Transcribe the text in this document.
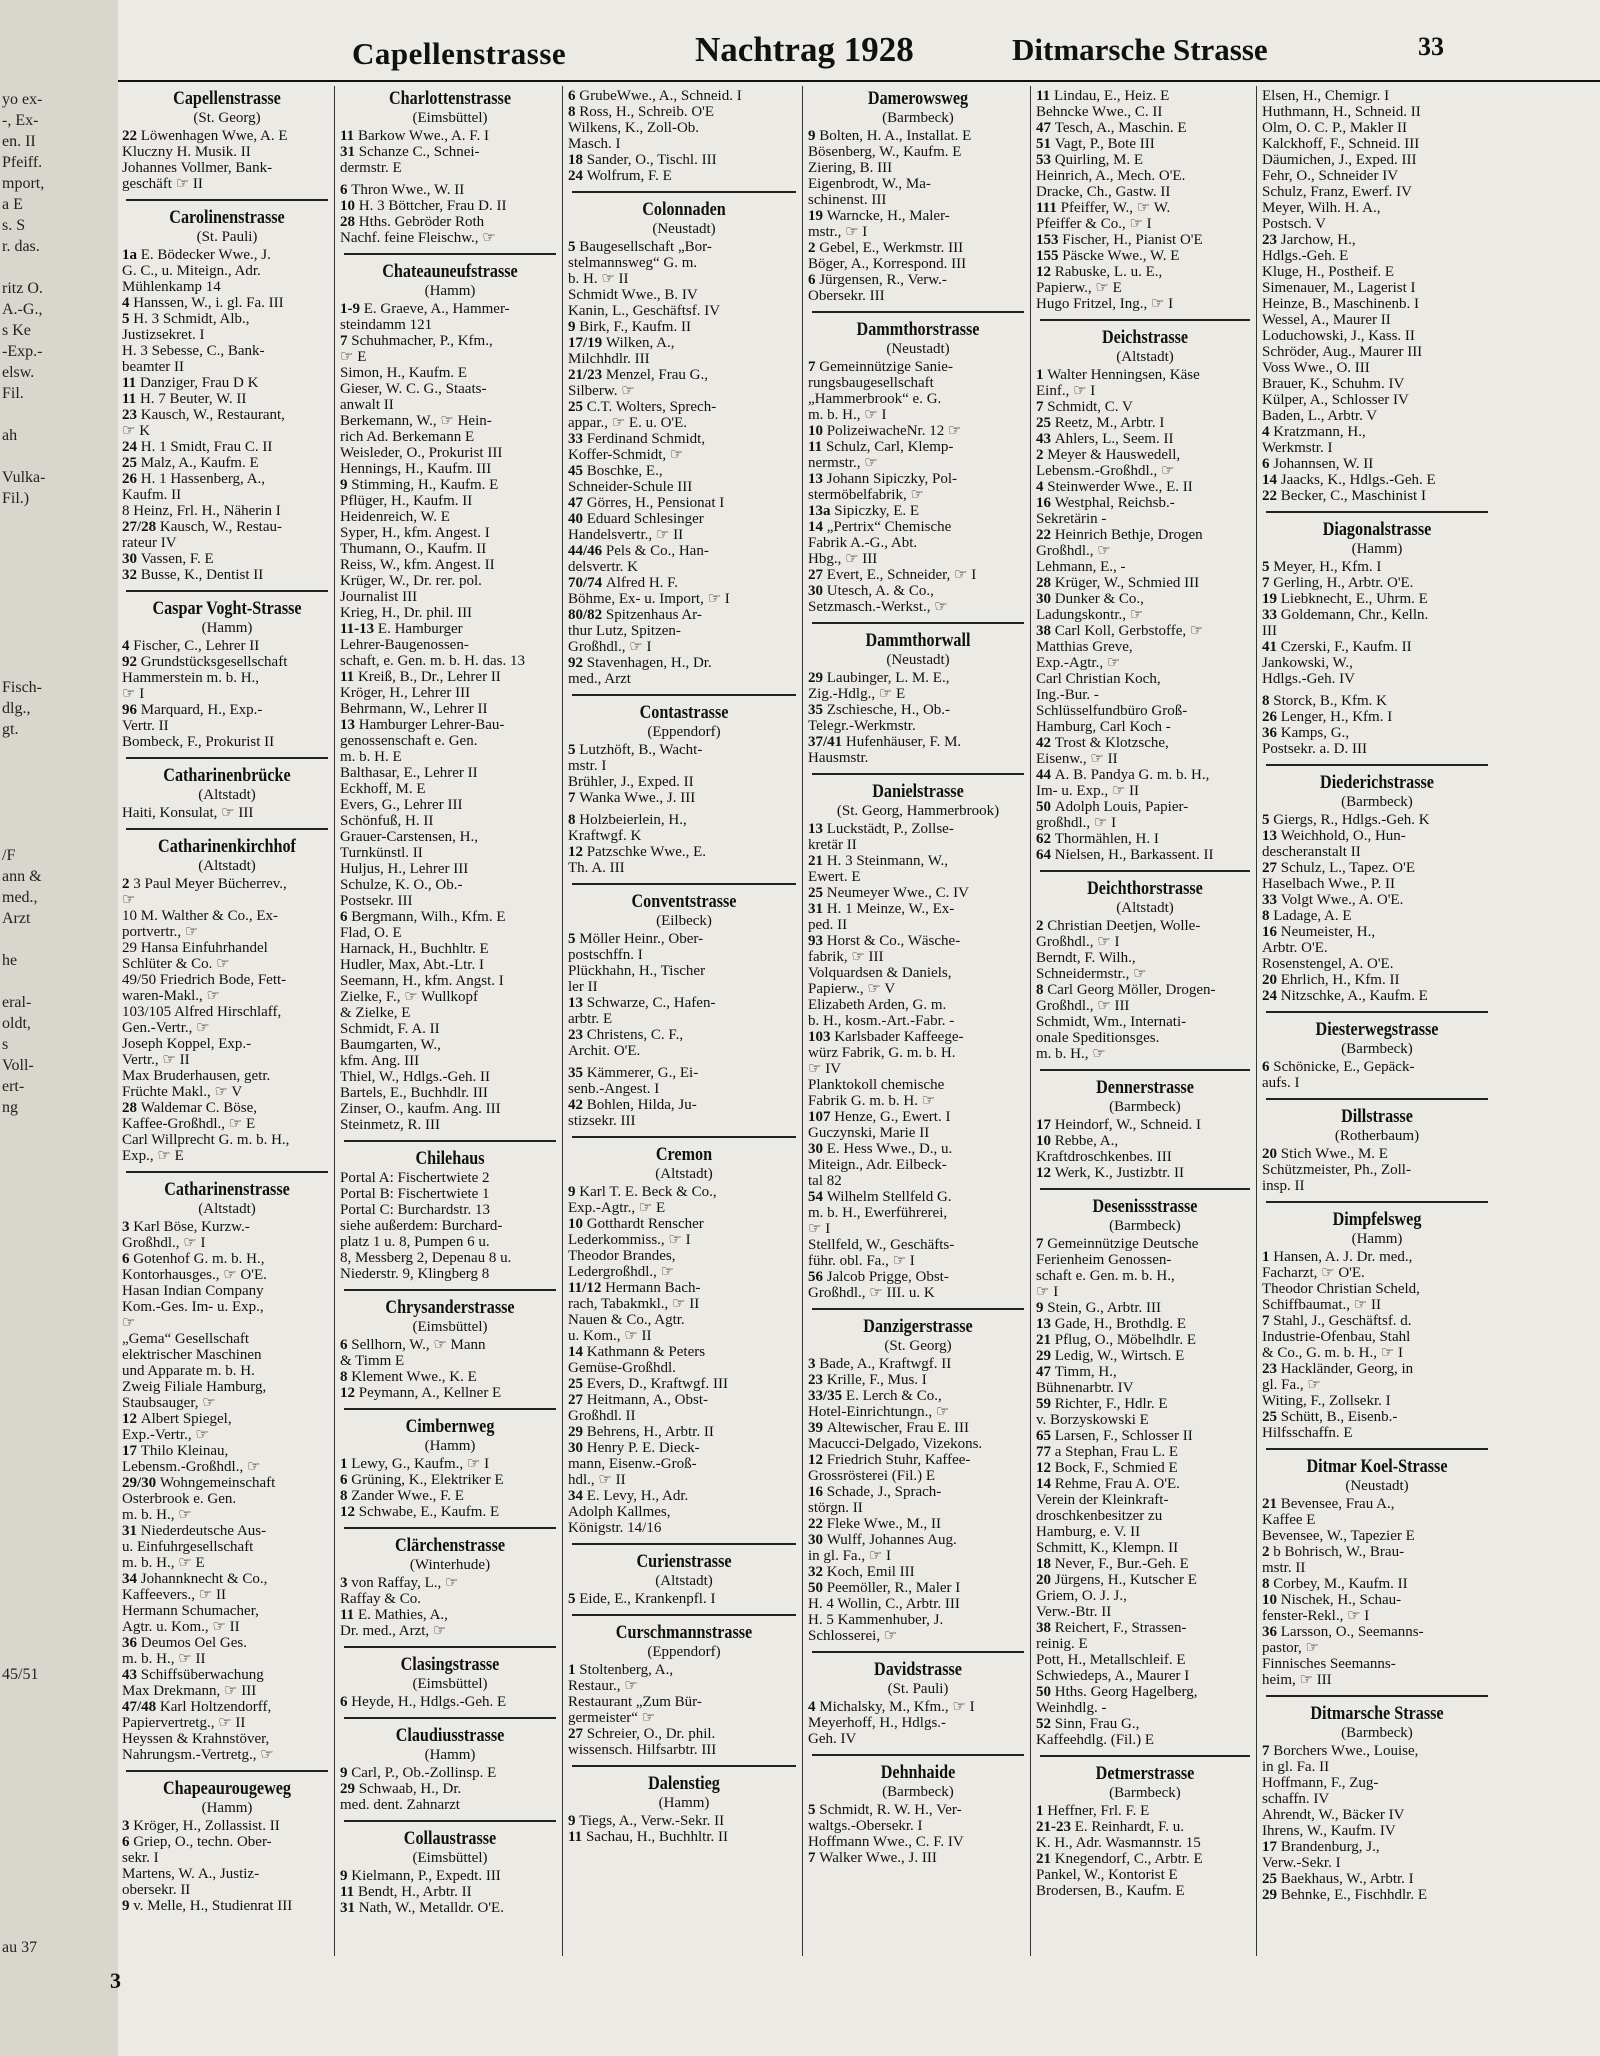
yo ex-
-, Ex-
en. II
Pfeiff.
mport,
a E
s. S
r. das.
ritz O.
A.-G.,
s Ke
-Exp.-
elsw.
Fil.
ah
Vulka-
Fil.)
Fisch-
dlg.,
gt.
/F
ann &
med.,
Arzt
he
eral-
oldt,
s
Voll-
ert-
ng
45/51
au 37
Capellenstrasse	Nachtrag 1928	Ditmarsche Strasse	33
Capellenstrasse
(St. Georg)
22 Löwenhagen Wwe, A. E
Kluczny H. Musik. II
Johannes Vollmer, Bank-
geschäft ☞ II
Carolinenstrasse
(St. Pauli)
1a E. Bödecker Wwe., J.
G. C., u. Miteign., Adr.
Mühlenkamp 14
4 Hanssen, W., i. gl. Fa. III
5 H. 3 Schmidt, Alb.,
Justizsekret. I
H. 3 Sebesse, C., Bank-
beamter II
11 Danziger, Frau D K
11 H. 7 Beuter, W. II
23 Kausch, W., Restaurant,
☞ K
24 H. 1 Smidt, Frau C. II
25 Malz, A., Kaufm. E
26 H. 1 Hassenberg, A.,
Kaufm. II
8 Heinz, Frl. H., Näherin I
27/28 Kausch, W., Restau-
rateur IV
30 Vassen, F. E
32 Busse, K., Dentist II
Caspar Voght-Strasse
(Hamm)
4 Fischer, C., Lehrer II
92 Grundstücksgesellschaft
Hammerstein m. b. H.,
☞ I
96 Marquard, H., Exp.-
Vertr. II
Bombeck, F., Prokurist II
Catharinenbrücke
(Altstadt)
Haiti, Konsulat, ☞ III
Catharinenkirchhof
(Altstadt)
2 3 Paul Meyer Bücherrev.,
☞
10 M. Walther & Co., Ex-
portvertr., ☞
29 Hansa Einfuhrhandel
Schlüter & Co. ☞
49/50 Friedrich Bode, Fett-
waren-Makl., ☞
103/105 Alfred Hirschlaff,
Gen.-Vertr., ☞
Joseph Koppel, Exp.-
Vertr., ☞ II
Max Bruderhausen, getr.
Früchte Makl., ☞ V
28 Waldemar C. Böse,
Kaffee-Großhdl., ☞ E
Carl Willprecht G. m. b. H.,
Exp., ☞ E
Catharinenstrasse
(Altstadt)
3 Karl Böse, Kurzw.-
Großhdl., ☞ I
6 Gotenhof G. m. b. H.,
Kontorhausges., ☞ O'E.
Hasan Indian Company
Kom.-Ges. Im- u. Exp.,
☞
„Gema“ Gesellschaft
elektrischer Maschinen
und Apparate m. b. H.
Zweig Filiale Hamburg,
Staubsauger, ☞
12 Albert Spiegel,
Exp.-Vertr., ☞
17 Thilo Kleinau,
Lebensm.-Großhdl., ☞
29/30 Wohngemeinschaft
Osterbrook e. Gen.
m. b. H., ☞
31 Niederdeutsche Aus-
u. Einfuhrgesellschaft
m. b. H., ☞ E
34 Johannknecht & Co.,
Kaffeevers., ☞ II
Hermann Schumacher,
Agtr. u. Kom., ☞ II
36 Deumos Oel Ges.
m. b. H., ☞ II
43 Schiffsüberwachung
Max Drekmann, ☞ III
47/48 Karl Holtzendorff,
Papiervertretg., ☞ II
Heyssen & Krahnstöver,
Nahrungsm.-Vertretg., ☞
Chapeaurougeweg
(Hamm)
3 Kröger, H., Zollassist. II
6 Griep, O., techn. Ober-
sekr. I
Martens, W. A., Justiz-
obersekr. II
9 v. Melle, H., Studienrat III
Charlottenstrasse
(Eimsbüttel)
11 Barkow Wwe., A. F. I
31 Schanze C., Schnei-
dermstr. E
6 Thron Wwe., W. II
10 H. 3 Böttcher, Frau D. II
28 Hths. Gebröder Roth
Nachf. feine Fleischw., ☞
Chateauneufstrasse
(Hamm)
1-9 E. Graeve, A., Hammer-
steindamm 121
7 Schuhmacher, P., Kfm.,
☞ E
Simon, H., Kaufm. E
Gieser, W. C. G., Staats-
anwalt II
Berkemann, W., ☞ Hein-
rich Ad. Berkemann E
Weisleder, O., Prokurist III
Hennings, H., Kaufm. III
9 Stimming, H., Kaufm. E
Pflüger, H., Kaufm. II
Heidenreich, W. E
Syper, H., kfm. Angest. I
Thumann, O., Kaufm. II
Reiss, W., kfm. Angest. II
Krüger, W., Dr. rer. pol.
Journalist III
Krieg, H., Dr. phil. III
11-13 E. Hamburger
Lehrer-Baugenossen-
schaft, e. Gen. m. b. H. das. 13
11 Kreiß, B., Dr., Lehrer II
Kröger, H., Lehrer III
Behrmann, W., Lehrer II
13 Hamburger Lehrer-Bau-
genossenschaft e. Gen.
m. b. H. E
Balthasar, E., Lehrer II
Eckhoff, M. E
Evers, G., Lehrer III
Schönfuß, H. II
Grauer-Carstensen, H.,
Turnkünstl. II
Huljus, H., Lehrer III
Schulze, K. O., Ob.-
Postsekr. III
6 Bergmann, Wilh., Kfm. E
Flad, O. E
Harnack, H., Buchhltr. E
Hudler, Max, Abt.-Ltr. I
Seemann, H., kfm. Angst. I
Zielke, F., ☞ Wullkopf
& Zielke, E
Schmidt, F. A. II
Baumgarten, W.,
kfm. Ang. III
Thiel, W., Hdlgs.-Geh. II
Bartels, E., Buchhdlr. III
Zinser, O., kaufm. Ang. III
Steinmetz, R. III
Chilehaus
Portal A: Fischertwiete 2
Portal B: Fischertwiete 1
Portal C: Burchardstr. 13
siehe außerdem: Burchard-
platz 1 u. 8, Pumpen 6 u.
8, Messberg 2, Depenau 8 u.
Niederstr. 9, Klingberg 8
Chrysanderstrasse
(Eimsbüttel)
6 Sellhorn, W., ☞ Mann
& Timm E
8 Klement Wwe., K. E
12 Peymann, A., Kellner E
Cimbernweg
(Hamm)
1 Lewy, G., Kaufm., ☞ I
6 Grüning, K., Elektriker E
8 Zander Wwe., F. E
12 Schwabe, E., Kaufm. E
Clärchenstrasse
(Winterhude)
3 von Raffay, L., ☞
Raffay & Co.
11 E. Mathies, A.,
Dr. med., Arzt, ☞
Clasingstrasse
(Eimsbüttel)
6 Heyde, H., Hdlgs.-Geh. E
Claudiusstrasse
(Hamm)
9 Carl, P., Ob.-Zollinsp. E
29 Schwaab, H., Dr.
med. dent. Zahnarzt
Collaustrasse
(Eimsbüttel)
9 Kielmann, P., Expedt. III
11 Bendt, H., Arbtr. II
31 Nath, W., Metalldr. O'E.
6 GrubeWwe., A., Schneid. I
8 Ross, H., Schreib. O'E
Wilkens, K., Zoll-Ob.
Masch. I
18 Sander, O., Tischl. III
24 Wolfrum, F. E
Colonnaden
(Neustadt)
5 Baugesellschaft „Bor-
stelmannsweg“ G. m.
b. H. ☞ II
Schmidt Wwe., B. IV
Kanin, L., Geschäftsf. IV
9 Birk, F., Kaufm. II
17/19 Wilken, A.,
Milchhdlr. III
21/23 Menzel, Frau G.,
Silberw. ☞
25 C.T. Wolters, Sprech-
appar., ☞ E. u. O'E.
33 Ferdinand Schmidt,
Koffer-Schmidt, ☞
45 Boschke, E.,
Schneider-Schule III
47 Görres, H., Pensionat I
40 Eduard Schlesinger
Handelsvertr., ☞ II
44/46 Pels & Co., Han-
delsvertr. K
70/74 Alfred H. F.
Böhme, Ex- u. Import, ☞ I
80/82 Spitzenhaus Ar-
thur Lutz, Spitzen-
Großhdl., ☞ I
92 Stavenhagen, H., Dr.
med., Arzt
Contastrasse
(Eppendorf)
5 Lutzhöft, B., Wacht-
mstr. I
Brühler, J., Exped. II
7 Wanka Wwe., J. III
8 Holzbeierlein, H.,
Kraftwgf. K
12 Patzschke Wwe., E.
Th. A. III
Conventstrasse
(Eilbeck)
5 Möller Heinr., Ober-
postschffn. I
Plückhahn, H., Tischer
ler II
13 Schwarze, C., Hafen-
arbtr. E
23 Christens, C. F.,
Archit. O'E.
35 Kämmerer, G., Ei-
senb.-Angest. I
42 Bohlen, Hilda, Ju-
stizsekr. III
Cremon
(Altstadt)
9 Karl T. E. Beck & Co.,
Exp.-Agtr., ☞ E
10 Gotthardt Renscher
Lederkommiss., ☞ I
Theodor Brandes,
Ledergroßhdl., ☞
11/12 Hermann Bach-
rach, Tabakmkl., ☞ II
Nauen & Co., Agtr.
u. Kom., ☞ II
14 Kathmann & Peters
Gemüse-Großhdl.
25 Evers, D., Kraftwgf. III
27 Heitmann, A., Obst-
Großhdl. II
29 Behrens, H., Arbtr. II
30 Henry P. E. Dieck-
mann, Eisenw.-Groß-
hdl., ☞ II
34 E. Levy, H., Adr.
Adolph Kallmes,
Königstr. 14/16
Curienstrasse
(Altstadt)
5 Eide, E., Krankenpfl. I
Curschmannstrasse
(Eppendorf)
1 Stoltenberg, A.,
Restaur., ☞
Restaurant „Zum Bür-
germeister“ ☞
27 Schreier, O., Dr. phil.
wissensch. Hilfsarbtr. III
Dalenstieg
(Hamm)
9 Tiegs, A., Verw.-Sekr. II
11 Sachau, H., Buchhltr. II
Damerowsweg
(Barmbeck)
9 Bolten, H. A., Installat. E
Bösenberg, W., Kaufm. E
Ziering, B. III
Eigenbrodt, W., Ma-
schinenst. III
19 Warncke, H., Maler-
mstr., ☞ I
2 Gebel, E., Werkmstr. III
Böger, A., Korrespond. III
6 Jürgensen, R., Verw.-
Obersekr. III
Dammthorstrasse
(Neustadt)
7 Gemeinnützige Sanie-
rungsbaugesellschaft
„Hammerbrook“ e. G.
m. b. H., ☞ I
10 PolizeiwacheNr. 12 ☞
11 Schulz, Carl, Klemp-
nermstr., ☞
13 Johann Sipiczky, Pol-
stermöbelfabrik, ☞
13a Sipiczky, E. E
14 „Pertrix“ Chemische
Fabrik A.-G., Abt.
Hbg., ☞ III
27 Evert, E., Schneider, ☞ I
30 Utesch, A. & Co.,
Setzmasch.-Werkst., ☞
Dammthorwall
(Neustadt)
29 Laubinger, L. M. E.,
Zig.-Hdlg., ☞ E
35 Zschiesche, H., Ob.-
Telegr.-Werkmstr.
37/41 Hufenhäuser, F. M.
Hausmstr.
Danielstrasse
(St. Georg, Hammerbrook)
13 Luckstädt, P., Zollse-
kretär II
21 H. 3 Steinmann, W.,
Ewert. E
25 Neumeyer Wwe., C. IV
31 H. 1 Meinze, W., Ex-
ped. II
93 Horst & Co., Wäsche-
fabrik, ☞ III
Volquardsen & Daniels,
Papierw., ☞ V
Elizabeth Arden, G. m.
b. H., kosm.-Art.-Fabr. -
103 Karlsbader Kaffeege-
würz Fabrik, G. m. b. H.
☞ IV
Planktokoll chemische
Fabrik G. m. b. H. ☞
107 Henze, G., Ewert. I
Guczynski, Marie II
30 E. Hess Wwe., D., u.
Miteign., Adr. Eilbeck-
tal 82
54 Wilhelm Stellfeld G.
m. b. H., Ewerführerei,
☞ I
Stellfeld, W., Geschäfts-
führ. obl. Fa., ☞ I
56 Jalcob Prigge, Obst-
Großhdl., ☞ III. u. K
Danzigerstrasse
(St. Georg)
3 Bade, A., Kraftwgf. II
23 Krille, F., Mus. I
33/35 E. Lerch & Co.,
Hotel-Einrichtungn., ☞
39 Altewischer, Frau E. III
Macucci-Delgado, Vizekons.
12 Friedrich Stuhr, Kaffee-
Grossrösterei (Fil.) E
16 Schade, J., Sprach-
störgn. II
22 Fleke Wwe., M., II
30 Wulff, Johannes Aug.
in gl. Fa., ☞ I
32 Koch, Emil III
50 Peemöller, R., Maler I
H. 4 Wollin, C., Arbtr. III
H. 5 Kammenhuber, J.
Schlosserei, ☞
Davidstrasse
(St. Pauli)
4 Michalsky, M., Kfm., ☞ I
Meyerhoff, H., Hdlgs.-
Geh. IV
Dehnhaide
(Barmbeck)
5 Schmidt, R. W. H., Ver-
waltgs.-Obersekr. I
Hoffmann Wwe., C. F. IV
7 Walker Wwe., J. III
11 Lindau, E., Heiz. E
Behncke Wwe., C. II
47 Tesch, A., Maschin. E
51 Vagt, P., Bote III
53 Quirling, M. E
Heinrich, A., Mech. O'E.
Dracke, Ch., Gastw. II
111 Pfeiffer, W., ☞ W.
Pfeiffer & Co., ☞ I
153 Fischer, H., Pianist O'E
155 Päscke Wwe., W. E
12 Rabuske, L. u. E.,
Papierw., ☞ E
Hugo Fritzel, Ing., ☞ I
Deichstrasse
(Altstadt)
1 Walter Henningsen, Käse
Einf., ☞ I
7 Schmidt, C. V
25 Reetz, M., Arbtr. I
43 Ahlers, L., Seem. II
2 Meyer & Hauswedell,
Lebensm.-Großhdl., ☞
4 Steinwerder Wwe., E. II
16 Westphal, Reichsb.-
Sekretärin -
22 Heinrich Bethje, Drogen
Großhdl., ☞
Lehmann, E., -
28 Krüger, W., Schmied III
30 Dunker & Co.,
Ladungskontr., ☞
38 Carl Koll, Gerbstoffe, ☞
Matthias Greve,
Exp.-Agtr., ☞
Carl Christian Koch,
Ing.-Bur. -
Schlüsselfundbüro Groß-
Hamburg, Carl Koch -
42 Trost & Klotzsche,
Eisenw., ☞ II
44 A. B. Pandya G. m. b. H.,
Im- u. Exp., ☞ II
50 Adolph Louis, Papier-
großhdl., ☞ I
62 Thormählen, H. I
64 Nielsen, H., Barkassent. II
Deichthorstrasse
(Altstadt)
2 Christian Deetjen, Wolle-
Großhdl., ☞ I
Berndt, F. Wilh.,
Schneidermstr., ☞
8 Carl Georg Möller, Drogen-
Großhdl., ☞ III
Schmidt, Wm., Internati-
onale Speditionsges.
m. b. H., ☞
Dennerstrasse
(Barmbeck)
17 Heindorf, W., Schneid. I
10 Rebbe, A.,
Kraftdroschkenbes. III
12 Werk, K., Justizbtr. II
Desenissstrasse
(Barmbeck)
7 Gemeinnützige Deutsche
Ferienheim Genossen-
schaft e. Gen. m. b. H.,
☞ I
9 Stein, G., Arbtr. III
13 Gade, H., Brothdlg. E
21 Pflug, O., Möbelhdlr. E
29 Ledig, W., Wirtsch. E
47 Timm, H.,
Bühnenarbtr. IV
59 Richter, F., Hdlr. E
v. Borzyskowski E
65 Larsen, F., Schlosser II
77 a Stephan, Frau L. E
12 Bock, F., Schmied E
14 Rehme, Frau A. O'E.
Verein der Kleinkraft-
droschkenbesitzer zu
Hamburg, e. V. II
Schmitt, K., Klempn. II
18 Never, F., Bur.-Geh. E
20 Jürgens, H., Kutscher E
Griem, O. J. J.,
Verw.-Btr. II
38 Reichert, F., Strassen-
reinig. E
Pott, H., Metallschleif. E
Schwiedeps, A., Maurer I
50 Hths. Georg Hagelberg,
Weinhdlg. -
52 Sinn, Frau G.,
Kaffeehdlg. (Fil.) E
Detmerstrasse
(Barmbeck)
1 Heffner, Frl. F. E
21-23 E. Reinhardt, F. u.
K. H., Adr. Wasmannstr. 15
21 Knegendorf, C., Arbtr. E
Pankel, W., Kontorist E
Brodersen, B., Kaufm. E
Elsen, H., Chemigr. I
Huthmann, H., Schneid. II
Olm, O. C. P., Makler II
Kalckhoff, F., Schneid. III
Däumichen, J., Exped. III
Fehr, O., Schneider IV
Schulz, Franz, Ewerf. IV
Meyer, Wilh. H. A.,
Postsch. V
23 Jarchow, H.,
Hdlgs.-Geh. E
Kluge, H., Postheif. E
Simenauer, M., Lagerist I
Heinze, B., Maschinenb. I
Wessel, A., Maurer II
Loduchowski, J., Kass. II
Schröder, Aug., Maurer III
Voss Wwe., O. III
Brauer, K., Schuhm. IV
Külper, A., Schlosser IV
Baden, L., Arbtr. V
4 Kratzmann, H.,
Werkmstr. I
6 Johannsen, W. II
14 Jaacks, K., Hdlgs.-Geh. E
22 Becker, C., Maschinist I
Diagonalstrasse
(Hamm)
5 Meyer, H., Kfm. I
7 Gerling, H., Arbtr. O'E.
19 Liebknecht, E., Uhrm. E
33 Goldemann, Chr., Kelln.
III
41 Czerski, F., Kaufm. II
Jankowski, W.,
Hdlgs.-Geh. IV
8 Storck, B., Kfm. K
26 Lenger, H., Kfm. I
36 Kamps, G.,
Postsekr. a. D. III
Diederichstrasse
(Barmbeck)
5 Giergs, R., Hdlgs.-Geh. K
13 Weichhold, O., Hun-
descheranstalt II
27 Schulz, L., Tapez. O'E
Haselbach Wwe., P. II
33 Volgt Wwe., A. O'E.
8 Ladage, A. E
16 Neumeister, H.,
Arbtr. O'E.
Rosenstengel, A. O'E.
20 Ehrlich, H., Kfm. II
24 Nitzschke, A., Kaufm. E
Diesterwegstrasse
(Barmbeck)
6 Schönicke, E., Gepäck-
aufs. I
Dillstrasse
(Rotherbaum)
20 Stich Wwe., M. E
Schützmeister, Ph., Zoll-
insp. II
Dimpfelsweg
(Hamm)
1 Hansen, A. J. Dr. med.,
Facharzt, ☞ O'E.
Theodor Christian Scheld,
Schiffbaumat., ☞ II
7 Stahl, J., Geschäftsf. d.
Industrie-Ofenbau, Stahl
& Co., G. m. b. H., ☞ I
23 Hackländer, Georg, in
gl. Fa., ☞
Witing, F., Zollsekr. I
25 Schütt, B., Eisenb.-
Hilfsschaffn. E
Ditmar Koel-Strasse
(Neustadt)
21 Bevensee, Frau A.,
Kaffee E
Bevensee, W., Tapezier E
2 b Bohrisch, W., Brau-
mstr. II
8 Corbey, M., Kaufm. II
10 Nischek, H., Schau-
fenster-Rekl., ☞ I
36 Larsson, O., Seemanns-
pastor, ☞
Finnisches Seemanns-
heim, ☞ III
Ditmarsche Strasse
(Barmbeck)
7 Borchers Wwe., Louise,
in gl. Fa. II
Hoffmann, F., Zug-
schaffn. IV
Ahrendt, W., Bäcker IV
Ihrens, W., Kaufm. IV
17 Brandenburg, J.,
Verw.-Sekr. I
25 Baekhaus, W., Arbtr. I
29 Behnke, E., Fischhdlr. E
3
